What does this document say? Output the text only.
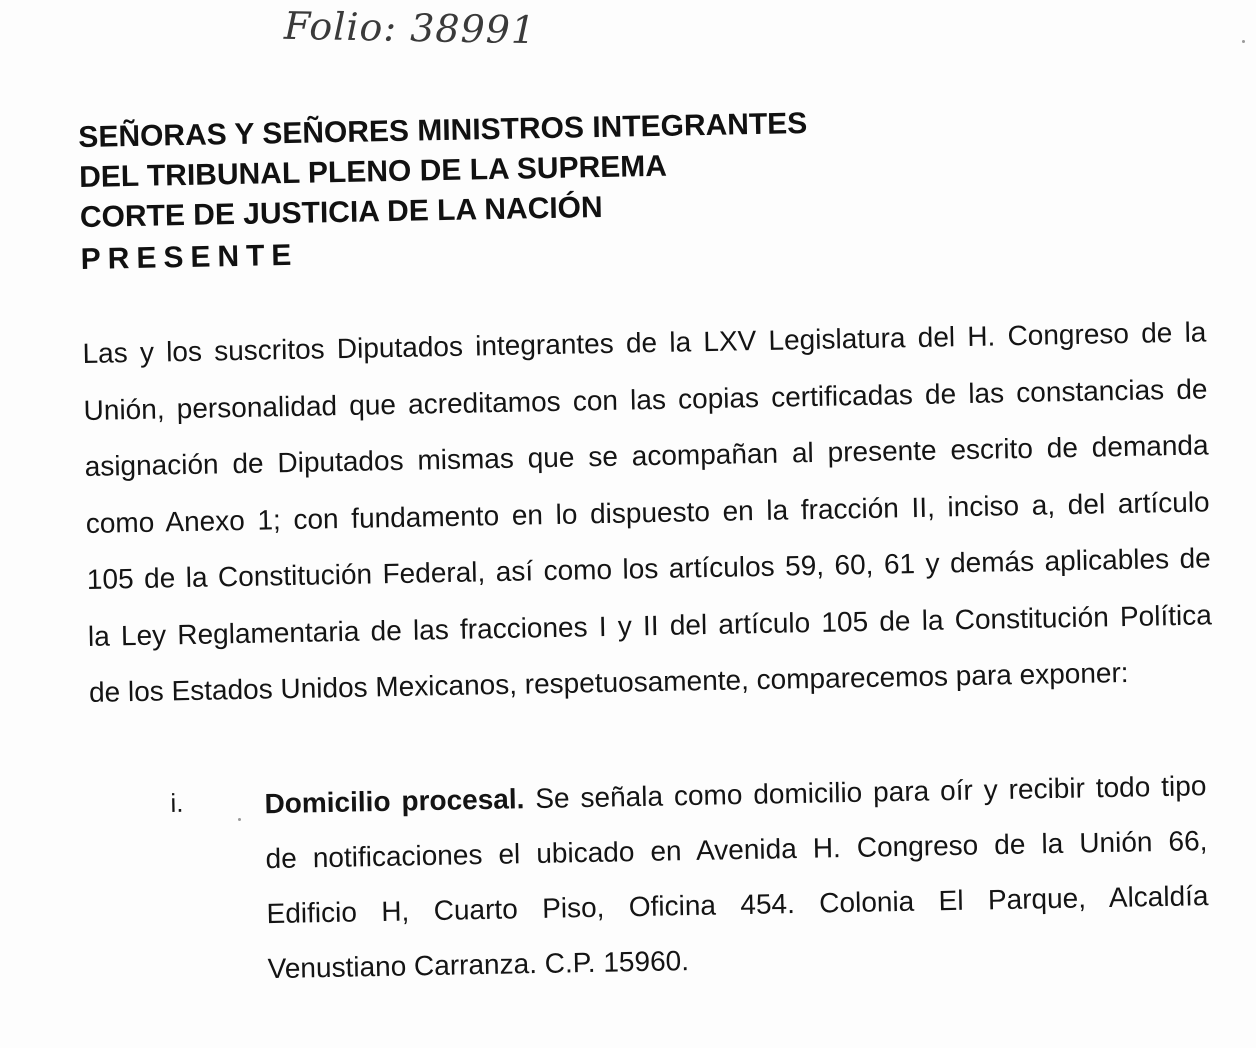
Folio: 38991
SEÑORAS Y SEÑORES MINISTROS INTEGRANTES
DEL TRIBUNAL PLENO DE LA SUPREMA
CORTE DE JUSTICIA DE LA NACIÓN
PRESENTE
Las y los suscritos Diputados integrantes de la LXV Legislatura del H. Congreso de la
Unión, personalidad que acreditamos con las copias certificadas de las constancias de
asignación de Diputados mismas que se acompañan al presente escrito de demanda
como Anexo 1; con fundamento en lo dispuesto en la fracción II, inciso a, del artículo
105 de la Constitución Federal, así como los artículos 59, 60, 61 y demás aplicables de
la Ley Reglamentaria de las fracciones I y II del artículo 105 de la Constitución Política
de los Estados Unidos Mexicanos, respetuosamente, comparecemos para exponer:
i.	Domicilio procesal. Se señala como domicilio para oír y recibir todo tipo
de notificaciones el ubicado en Avenida H. Congreso de la Unión 66,
Edificio H, Cuarto Piso, Oficina 454. Colonia El Parque, Alcaldía
Venustiano Carranza. C.P. 15960.
